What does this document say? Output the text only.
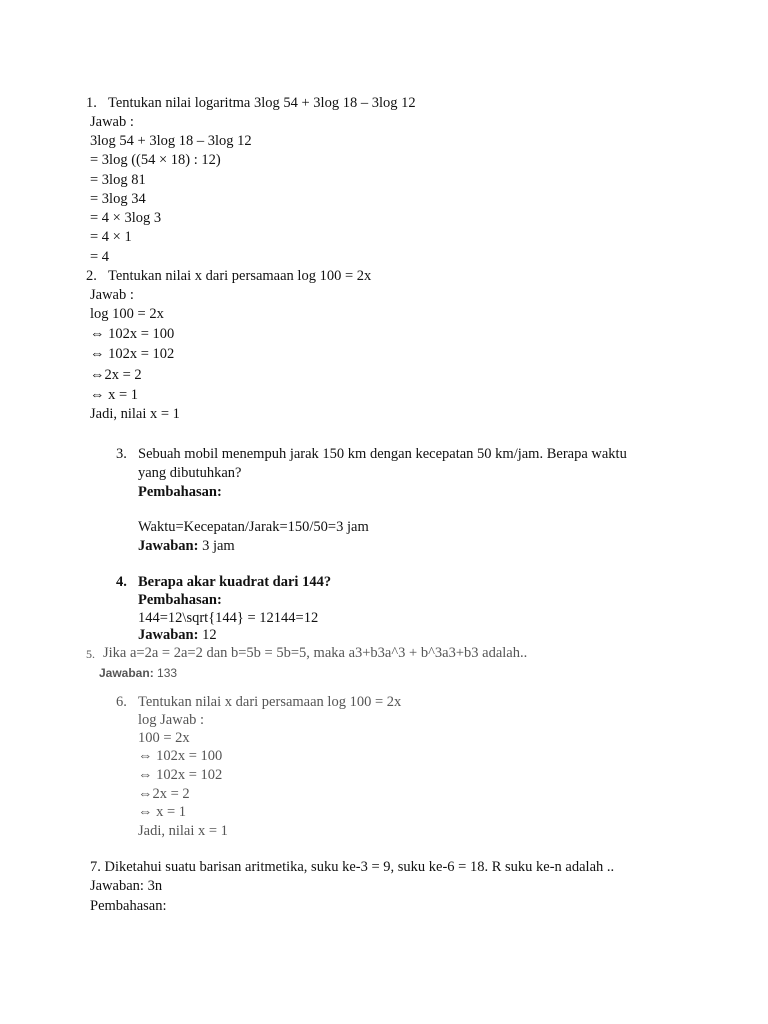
1. Tentukan nilai logaritma 3log 54 + 3log 18 – 3log 12
Jawab :
3log 54 + 3log 18 – 3log 12
= 3log ((54 × 18) : 12)
= 3log 81
= 3log 34
= 4 × 3log 3
= 4 × 1
= 4
2. Tentukan nilai x dari persamaan log 100 = 2x
Jawab :
log 100 = 2x
⇔ 102x = 100
⇔ 102x = 102
⇔2x = 2
⇔ x = 1
Jadi, nilai x = 1
3. Sebuah mobil menempuh jarak 150 km dengan kecepatan 50 km/jam. Berapa waktu
yang dibutuhkan?
Pembahasan:
Waktu=Kecepatan/Jarak=150/50=3 jam
Jawaban: 3 jam
4. Berapa akar kuadrat dari 144?
Pembahasan:
144=12\sqrt{144} = 12144=12
Jawaban: 12
5. Jika a=2a = 2a=2 dan b=5b = 5b=5, maka a3+b3a^3 + b^3a3+b3 adalah..
Jawaban: 133
6. Tentukan nilai x dari persamaan log 100 = 2x
log Jawab :
100 = 2x
⇔ 102x = 100
⇔ 102x = 102
⇔2x = 2
⇔ x = 1
Jadi, nilai x = 1
7. Diketahui suatu barisan aritmetika, suku ke-3 = 9, suku ke-6 = 18. R suku ke-n adalah ..
Jawaban: 3n
Pembahasan:
